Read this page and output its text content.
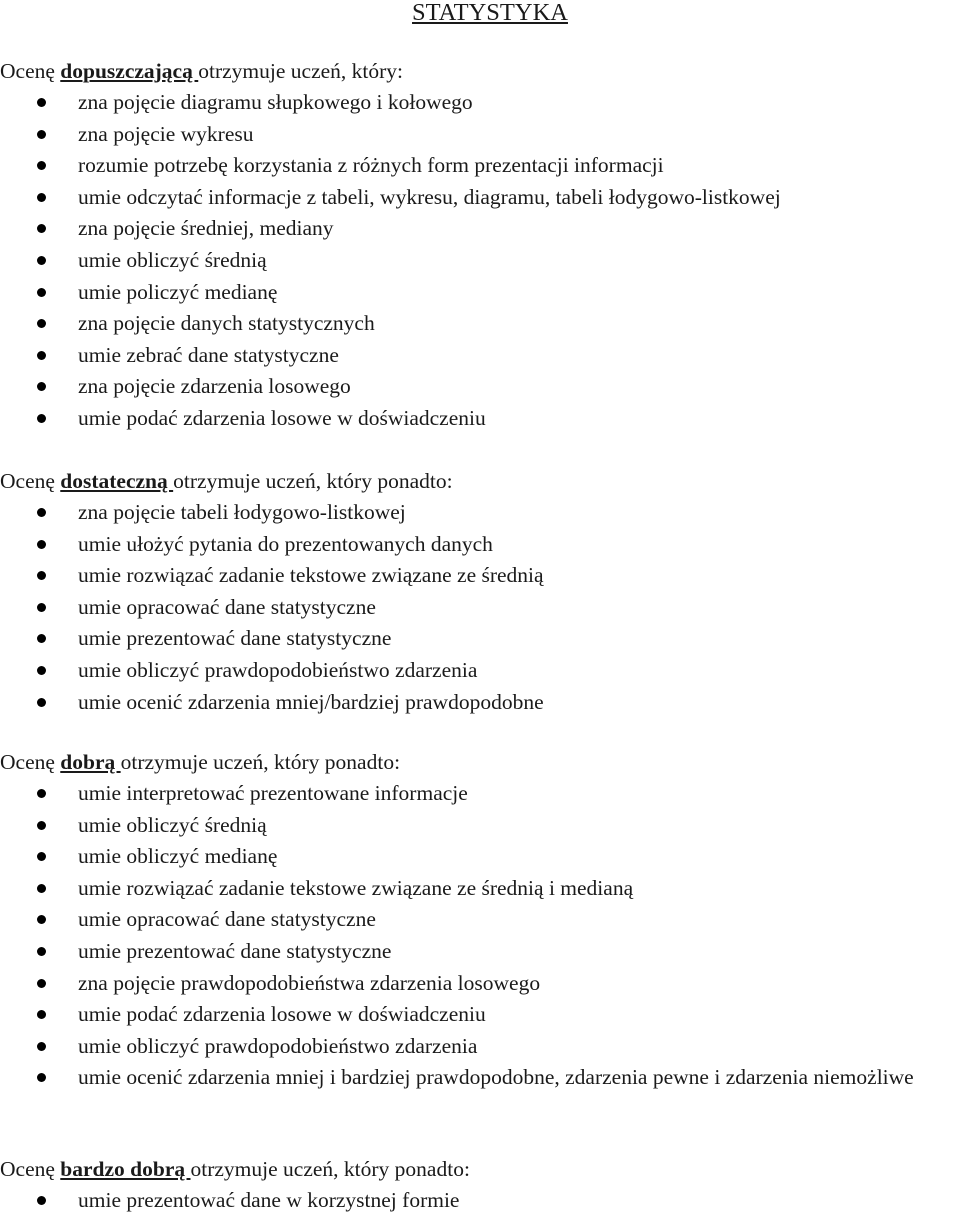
STATYSTYKA
Ocenę dopuszczającą otrzymuje uczeń, który:
zna pojęcie diagramu słupkowego i kołowego
zna pojęcie wykresu
rozumie potrzebę korzystania z różnych form prezentacji informacji
umie odczytać informacje z tabeli, wykresu, diagramu, tabeli łodygowo-listkowej
zna pojęcie średniej, mediany
umie obliczyć średnią
umie policzyć medianę
zna pojęcie danych statystycznych
umie zebrać dane statystyczne
zna pojęcie zdarzenia losowego
umie podać zdarzenia losowe w doświadczeniu
Ocenę dostateczną otrzymuje uczeń, który ponadto:
zna pojęcie tabeli łodygowo-listkowej
umie ułożyć pytania do prezentowanych danych
umie rozwiązać zadanie tekstowe związane ze średnią
umie opracować dane statystyczne
umie prezentować dane statystyczne
umie obliczyć prawdopodobieństwo zdarzenia
umie ocenić zdarzenia mniej/bardziej prawdopodobne
Ocenę dobrą otrzymuje uczeń, który ponadto:
umie interpretować prezentowane informacje
umie obliczyć średnią
umie obliczyć medianę
umie rozwiązać zadanie tekstowe związane ze średnią i medianą
umie opracować dane statystyczne
umie prezentować dane statystyczne
zna pojęcie prawdopodobieństwa zdarzenia losowego
umie podać zdarzenia losowe w doświadczeniu
umie obliczyć prawdopodobieństwo zdarzenia
umie ocenić zdarzenia mniej i bardziej prawdopodobne, zdarzenia pewne i zdarzenia niemożliwe
Ocenę bardzo dobrą otrzymuje uczeń, który ponadto:
umie prezentować dane w korzystnej formie
